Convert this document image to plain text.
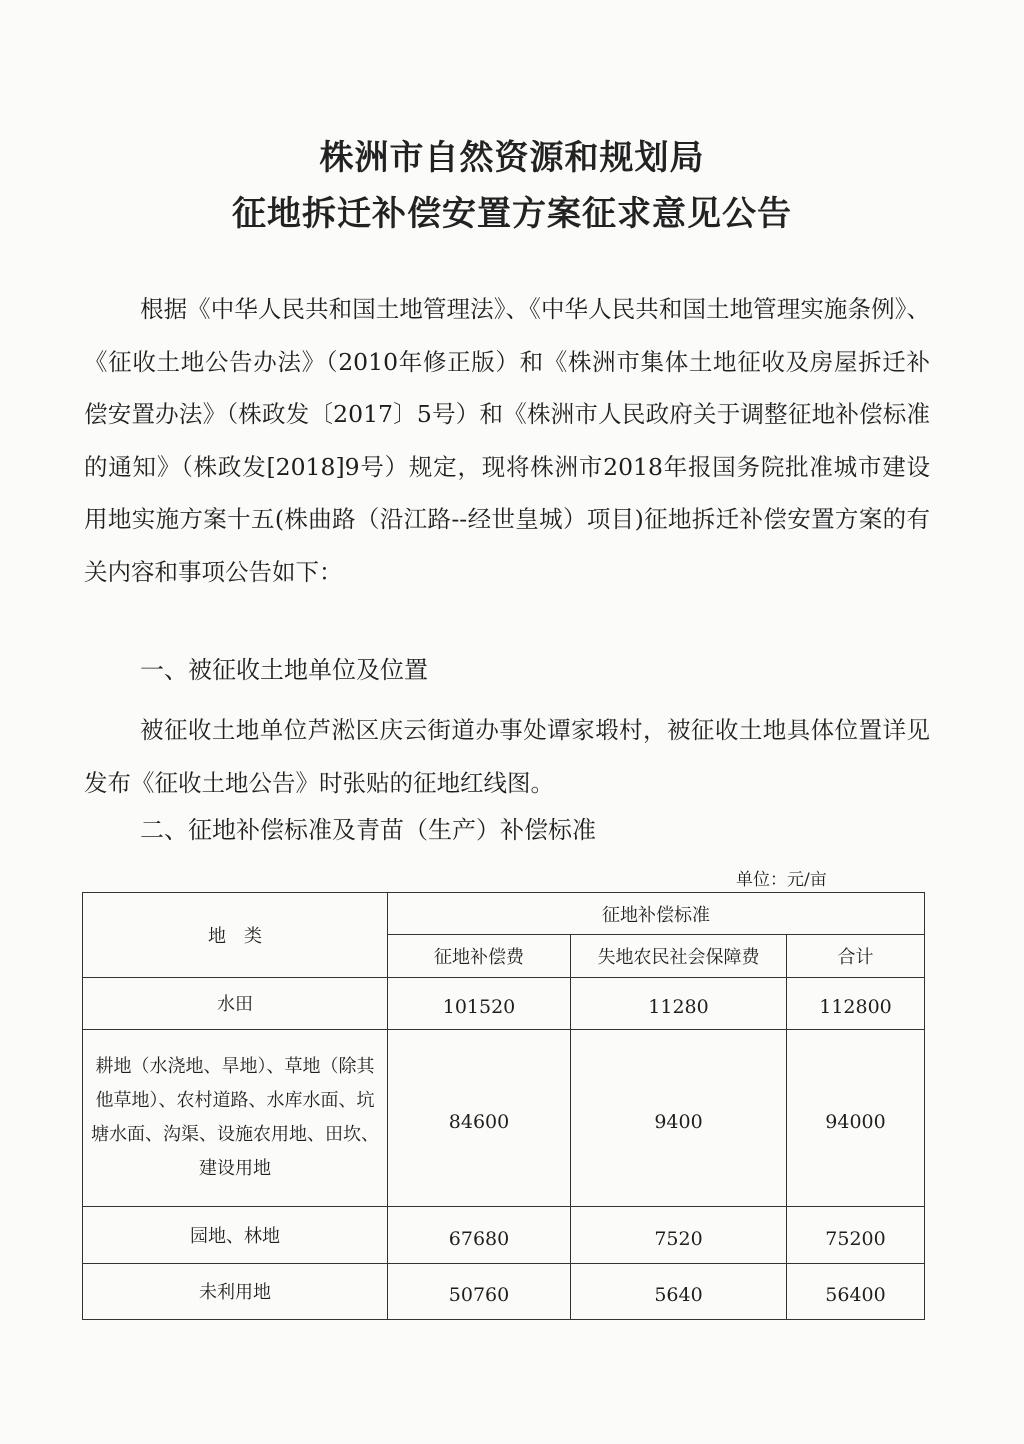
株洲市自然资源和规划局
征地拆迁补偿安置方案征求意见公告
根据《中华人民共和国土地管理法》、《中华人民共和国土地管理实施条例》、《征收土地公告办法》（2010年修正版）和《株洲市集体土地征收及房屋拆迁补偿安置办法》（株政发〔2017〕5号）和《株洲市人民政府关于调整征地补偿标准的通知》（株政发[2018]9号）规定，现将株洲市2018年报国务院批准城市建设用地实施方案十五(株曲路（沿江路--经世皇城）项目)征地拆迁补偿安置方案的有关内容和事项公告如下：
一、被征收土地单位及位置
被征收土地单位芦淞区庆云街道办事处谭家塅村，被征收土地具体位置详见发布《征收土地公告》时张贴的征地红线图。
二、征地补偿标准及青苗（生产）补偿标准
单位：元/亩
地　类	征地补偿标准		
	征地补偿费	失地农民社会保障费	合计
水田	101520	11280	112800
耕地（水浇地、旱地）、草地（除其他草地）、农村道路、水库水面、坑塘水面、沟渠、设施农用地、田坎、建设用地	84600	9400	94000
园地、林地	67680	7520	75200
未利用地	50760	5640	56400
